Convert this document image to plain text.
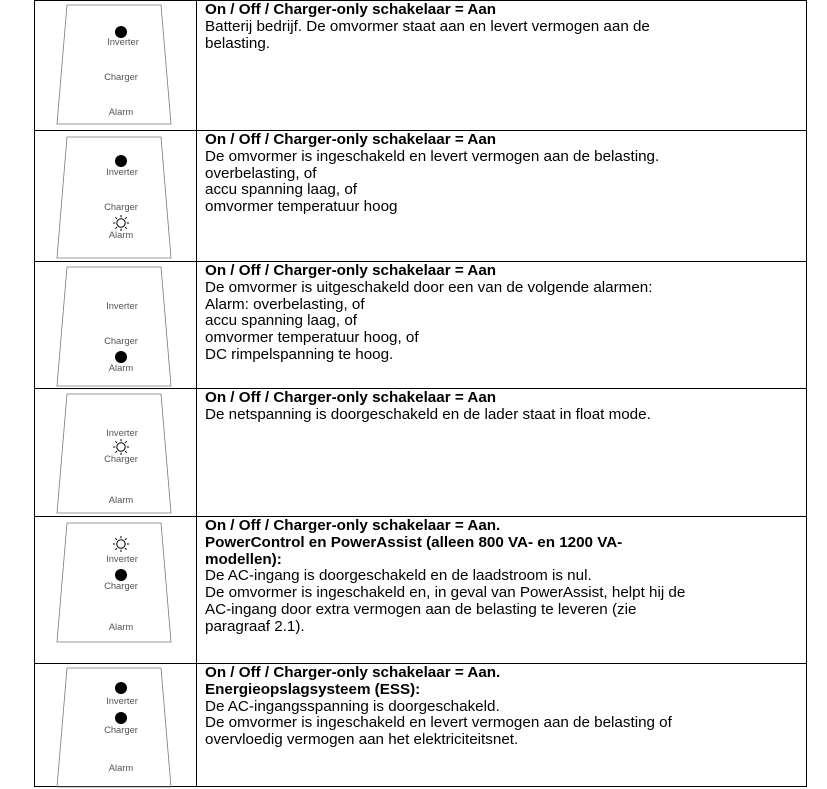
Inverter
Charger
Alarm
On / Off / Charger-only schakelaar = Aan
Batterij bedrijf. De omvormer staat aan en levert vermogen aan de
belasting.
Inverter
Charger
Alarm
On / Off / Charger-only schakelaar = Aan
De omvormer is ingeschakeld en levert vermogen aan de belasting.
overbelasting, of
accu spanning laag, of
omvormer temperatuur hoog
Inverter
Charger
Alarm
On / Off / Charger-only schakelaar = Aan
De omvormer is uitgeschakeld door een van de volgende alarmen:
Alarm: overbelasting, of
accu spanning laag, of
omvormer temperatuur hoog, of
DC rimpelspanning te hoog.
Inverter
Charger
Alarm
On / Off / Charger-only schakelaar = Aan
De netspanning is doorgeschakeld en de lader staat in float mode.
Inverter
Charger
Alarm
On / Off / Charger-only schakelaar = Aan.
PowerControl en PowerAssist (alleen 800 VA- en 1200 VA-
modellen):
De AC-ingang is doorgeschakeld en de laadstroom is nul.
De omvormer is ingeschakeld en, in geval van PowerAssist, helpt hij de
AC-ingang door extra vermogen aan de belasting te leveren (zie
paragraaf 2.1).
Inverter
Charger
Alarm
On / Off / Charger-only schakelaar = Aan.
Energieopslagsysteem (ESS):
De AC-ingangsspanning is doorgeschakeld.
De omvormer is ingeschakeld en levert vermogen aan de belasting of
overvloedig vermogen aan het elektriciteitsnet.
